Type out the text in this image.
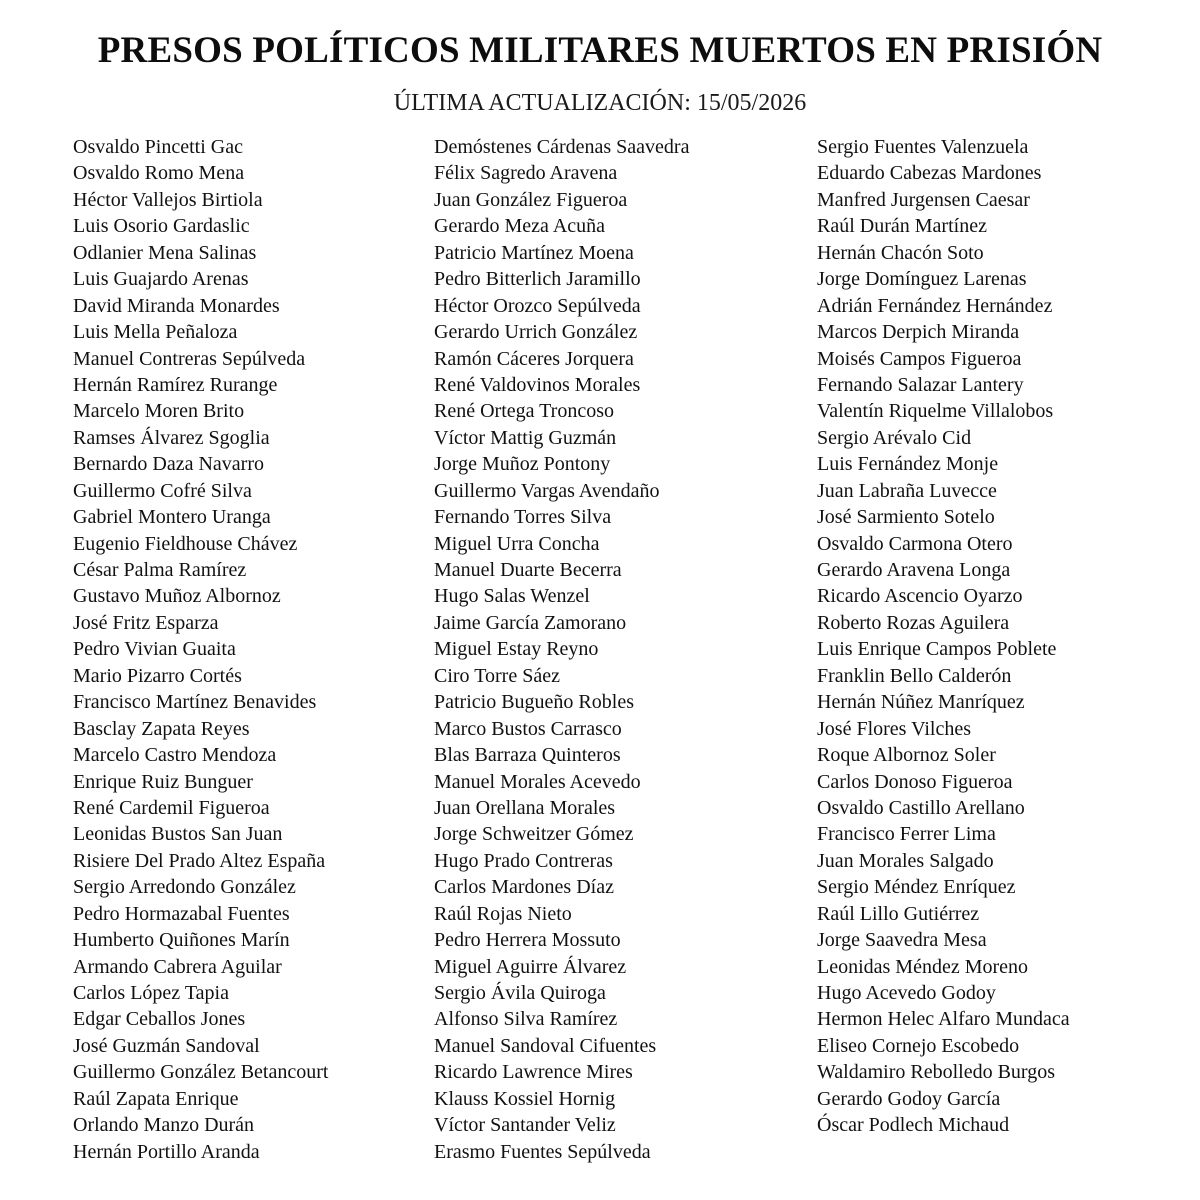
PRESOS POLÍTICOS MILITARES MUERTOS EN PRISIÓN

ÚLTIMA ACTUALIZACIÓN: 15/05/2026

Osvaldo Pincetti Gac
Osvaldo Romo Mena
Héctor Vallejos Birtiola
Luis Osorio Gardaslic
Odlanier Mena Salinas
Luis Guajardo Arenas
David Miranda Monardes
Luis Mella Peñaloza
Manuel Contreras Sepúlveda
Hernán Ramírez Rurange
Marcelo Moren Brito
Ramses Álvarez Sgoglia
Bernardo Daza Navarro
Guillermo Cofré Silva
Gabriel Montero Uranga
Eugenio Fieldhouse Chávez
César Palma Ramírez
Gustavo Muñoz Albornoz
José Fritz Esparza
Pedro Vivian Guaita
Mario Pizarro Cortés
Francisco Martínez Benavides
Basclay Zapata Reyes
Marcelo Castro Mendoza
Enrique Ruiz Bunguer
René Cardemil Figueroa
Leonidas Bustos San Juan
Risiere Del Prado Altez España
Sergio Arredondo González
Pedro Hormazabal Fuentes
Humberto Quiñones Marín
Armando Cabrera Aguilar
Carlos López Tapia
Edgar Ceballos Jones
José Guzmán Sandoval
Guillermo González Betancourt
Raúl Zapata Enrique
Orlando Manzo Durán
Hernán Portillo Aranda
Demóstenes Cárdenas Saavedra
Félix Sagredo Aravena
Juan González Figueroa
Gerardo Meza Acuña
Patricio Martínez Moena
Pedro Bitterlich Jaramillo
Héctor Orozco Sepúlveda
Gerardo Urrich González
Ramón Cáceres Jorquera
René Valdovinos Morales
René Ortega Troncoso
Víctor Mattig Guzmán
Jorge Muñoz Pontony
Guillermo Vargas Avendaño
Fernando Torres Silva
Miguel Urra Concha
Manuel Duarte Becerra
Hugo Salas Wenzel
Jaime García Zamorano
Miguel Estay Reyno
Ciro Torre Sáez
Patricio Bugueño Robles
Marco Bustos Carrasco
Blas Barraza Quinteros
Manuel Morales Acevedo
Juan Orellana Morales
Jorge Schweitzer Gómez
Hugo Prado Contreras
Carlos Mardones Díaz
Raúl Rojas Nieto
Pedro Herrera Mossuto
Miguel Aguirre Álvarez
Sergio Ávila Quiroga
Alfonso Silva Ramírez
Manuel Sandoval Cifuentes
Ricardo Lawrence Mires
Klauss Kossiel Hornig
Víctor Santander Veliz
Erasmo Fuentes Sepúlveda
Sergio Fuentes Valenzuela
Eduardo Cabezas Mardones
Manfred Jurgensen Caesar
Raúl Durán Martínez
Hernán Chacón Soto
Jorge Domínguez Larenas
Adrián Fernández Hernández
Marcos Derpich Miranda
Moisés Campos Figueroa
Fernando Salazar Lantery
Valentín Riquelme Villalobos
Sergio Arévalo Cid
Luis Fernández Monje
Juan Labraña Luvecce
José Sarmiento Sotelo
Osvaldo Carmona Otero
Gerardo Aravena Longa
Ricardo Ascencio Oyarzo
Roberto Rozas Aguilera
Luis Enrique Campos Poblete
Franklin Bello Calderón
Hernán Núñez Manríquez
José Flores Vilches
Roque Albornoz Soler
Carlos Donoso Figueroa
Osvaldo Castillo Arellano
Francisco Ferrer Lima
Juan Morales Salgado
Sergio Méndez Enríquez
Raúl Lillo Gutiérrez
Jorge Saavedra Mesa
Leonidas Méndez Moreno
Hugo Acevedo Godoy
Hermon Helec Alfaro Mundaca
Eliseo Cornejo Escobedo
Waldamiro Rebolledo Burgos
Gerardo Godoy García
Óscar Podlech Michaud
